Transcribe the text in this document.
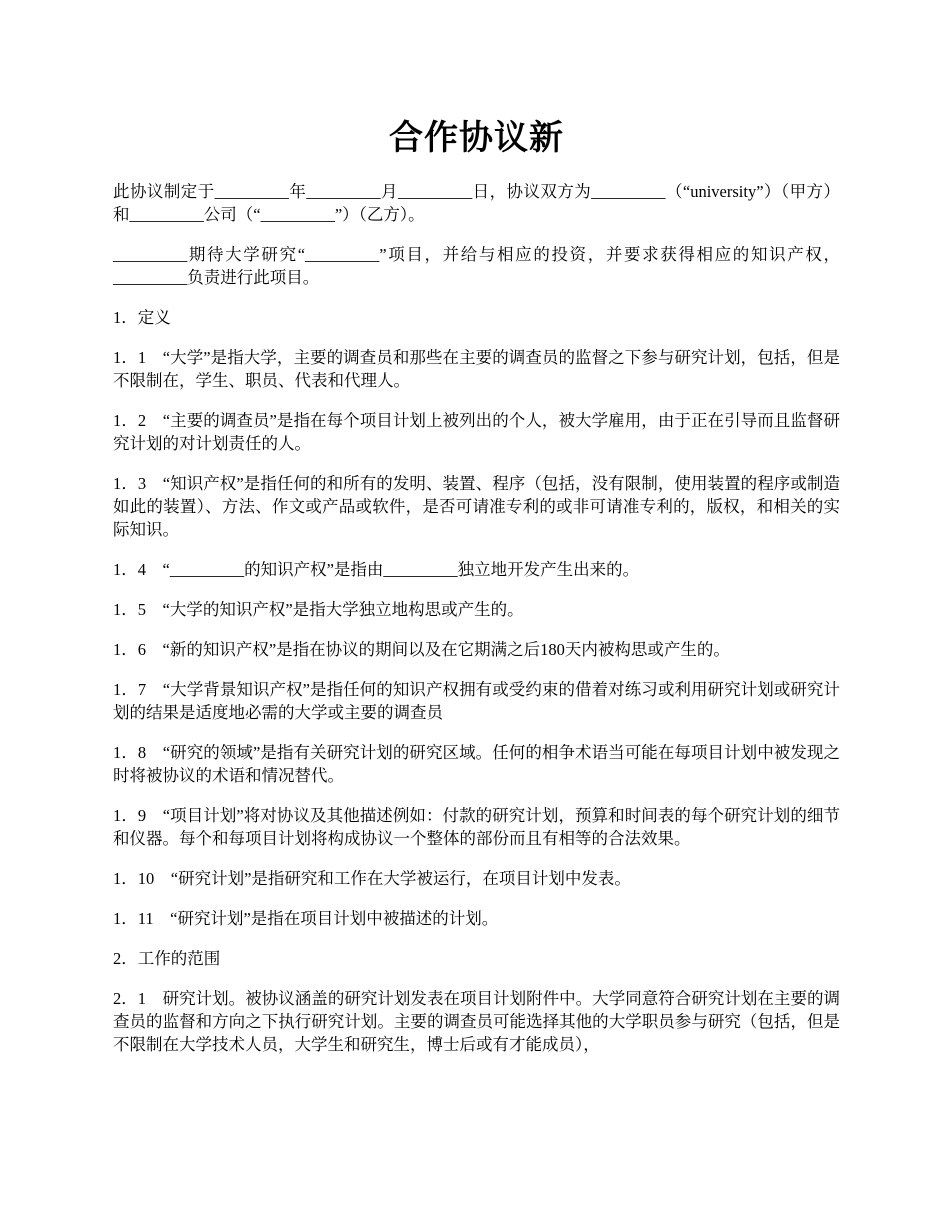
合作协议新

此协议制定于_________年_________月_________日，协议双方为_________（“university”）（甲方）和_________公司（“_________”）（乙方）。

_________期待大学研究“_________”项目，并给与相应的投资，并要求获得相应的知识产权，_________负责进行此项目。

1．定义

1．1　“大学”是指大学，主要的调查员和那些在主要的调查员的监督之下参与研究计划，包括，但是不限制在，学生、职员、代表和代理人。

1．2　“主要的调查员”是指在每个项目计划上被列出的个人，被大学雇用，由于正在引导而且监督研究计划的对计划责任的人。

1．3　“知识产权”是指任何的和所有的发明、装置、程序（包括，没有限制，使用装置的程序或制造如此的装置）、方法、作文或产品或软件，是否可请准专利的或非可请准专利的，版权，和相关的实际知识。

1．4　“_________的知识产权”是指由_________独立地开发产生出来的。

1．5　“大学的知识产权”是指大学独立地构思或产生的。

1．6　“新的知识产权”是指在协议的期间以及在它期满之后180天内被构思或产生的。

1．7　“大学背景知识产权”是指任何的知识产权拥有或受约束的借着对练习或利用研究计划或研究计划的结果是适度地必需的大学或主要的调查员

1．8　“研究的领域”是指有关研究计划的研究区域。任何的相争术语当可能在每项目计划中被发现之时将被协议的术语和情况替代。

1．9　“项目计划”将对协议及其他描述例如：付款的研究计划，预算和时间表的每个研究计划的细节和仪器。每个和每项目计划将构成协议一个整体的部份而且有相等的合法效果。

1．10　“研究计划”是指研究和工作在大学被运行，在项目计划中发表。

1．11　“研究计划”是指在项目计划中被描述的计划。

2．工作的范围

2．1　研究计划。被协议涵盖的研究计划发表在项目计划附件中。大学同意符合研究计划在主要的调查员的监督和方向之下执行研究计划。主要的调查员可能选择其他的大学职员参与研究（包括，但是不限制在大学技术人员，大学生和研究生，博士后或有才能成员），
